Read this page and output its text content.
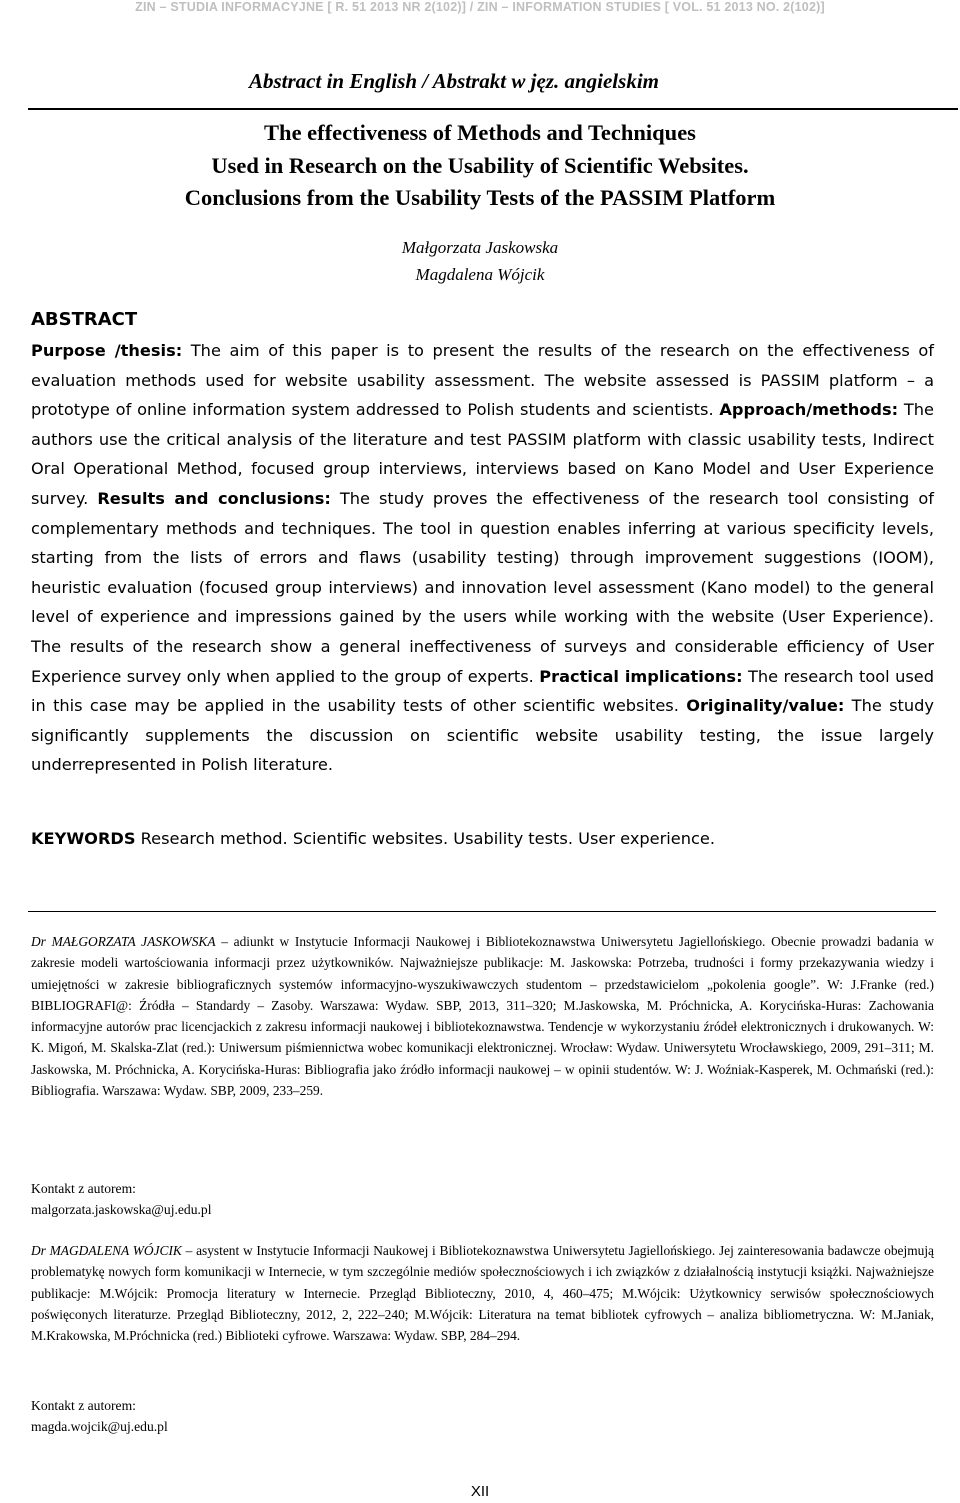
ZIN – STUDIA INFORMACYJNE [ R. 51 2013 NR 2(102)] / ZIN – INFORMATION STUDIES [ VOL. 51 2013 NO. 2(102)]
Abstract in English / Abstrakt w jęz. angielskim
The effectiveness of Methods and Techniques
Used in Research on the Usability of Scientific Websites.
Conclusions from the Usability Tests of the PASSIM Platform
Małgorzata Jaskowska
Magdalena Wójcik
ABSTRACT
Purpose /thesis: The aim of this paper is to present the results of the research on the effectiveness of evaluation methods used for website usability assessment. The website assessed is PASSIM platform – a prototype of online information system addressed to Polish students and scientists. Approach/methods: The authors use the critical analysis of the literature and test PASSIM platform with classic usability tests, Indirect Oral Operational Method, focused group interviews, interviews based on Kano Model and User Experience survey. Results and conclusions: The study proves the effectiveness of the research tool consisting of complementary methods and techniques. The tool in question enables inferring at various specificity levels, starting from the lists of errors and flaws (usability testing) through improvement suggestions (IOOM), heuristic evaluation (focused group interviews) and innovation level assessment (Kano model) to the general level of experience and impressions gained by the users while working with the website (User Experience). The results of the research show a general ineffectiveness of surveys and considerable efficiency of User Experience survey only when applied to the group of experts. Practical implications: The research tool used in this case may be applied in the usability tests of other scientific websites. Originality/value: The study significantly supplements the discussion on scientific website usability testing, the issue largely underrepresented in Polish literature.
KEYWORDS Research method. Scientific websites. Usability tests. User experience.
Dr MAŁGORZATA JASKOWSKA – adiunkt w Instytucie Informacji Naukowej i Bibliotekoznawstwa Uniwersytetu Jagiellońskiego. Obecnie prowadzi badania w zakresie modeli wartościowania informacji przez użytkowników. Najważniejsze publikacje: M. Jaskowska: Potrzeba, trudności i formy przekazywania wiedzy i umiejętności w zakresie bibliograficznych systemów informacyjno-wyszukiwawczych studentom – przedstawicielom „pokolenia google”. W: J.Franke (red.) BIBLIOGRAFI@: Źródła – Standardy – Zasoby. Warszawa: Wydaw. SBP, 2013, 311–320; M.Jaskowska, M. Próchnicka, A. Korycińska-Huras: Zachowania informacyjne autorów prac licencjackich z zakresu informacji naukowej i bibliotekoznawstwa. Tendencje w wykorzystaniu źródeł elektronicznych i drukowanych. W: K. Migoń, M. Skalska-Zlat (red.): Uniwersum piśmiennictwa wobec komunikacji elektronicznej. Wrocław: Wydaw. Uniwersytetu Wrocławskiego, 2009, 291–311; M. Jaskowska, M. Próchnicka, A. Korycińska-Huras: Bibliografia jako źródło informacji naukowej – w opinii studentów. W: J. Woźniak-Kasperek, M. Ochmański (red.): Bibliografia. Warszawa: Wydaw. SBP, 2009, 233–259.
Kontakt z autorem:
malgorzata.jaskowska@uj.edu.pl
Dr MAGDALENA WÓJCIK – asystent w Instytucie Informacji Naukowej i Bibliotekoznawstwa Uniwersytetu Jagiellońskiego. Jej zainteresowania badawcze obejmują problematykę nowych form komunikacji w Internecie, w tym szczególnie mediów społecznościowych i ich związków z działalnością instytucji książki. Najważniejsze publikacje: M.Wójcik: Promocja literatury w Internecie. Przegląd Biblioteczny, 2010, 4, 460–475; M.Wójcik: Użytkownicy serwisów społecznościowych poświęconych literaturze. Przegląd Biblioteczny, 2012, 2, 222–240; M.Wójcik: Literatura na temat bibliotek cyfrowych – analiza bibliometryczna. W: M.Janiak, M.Krakowska, M.Próchnicka (red.) Biblioteki cyfrowe. Warszawa: Wydaw. SBP, 284–294.
Kontakt z autorem:
magda.wojcik@uj.edu.pl
XII
